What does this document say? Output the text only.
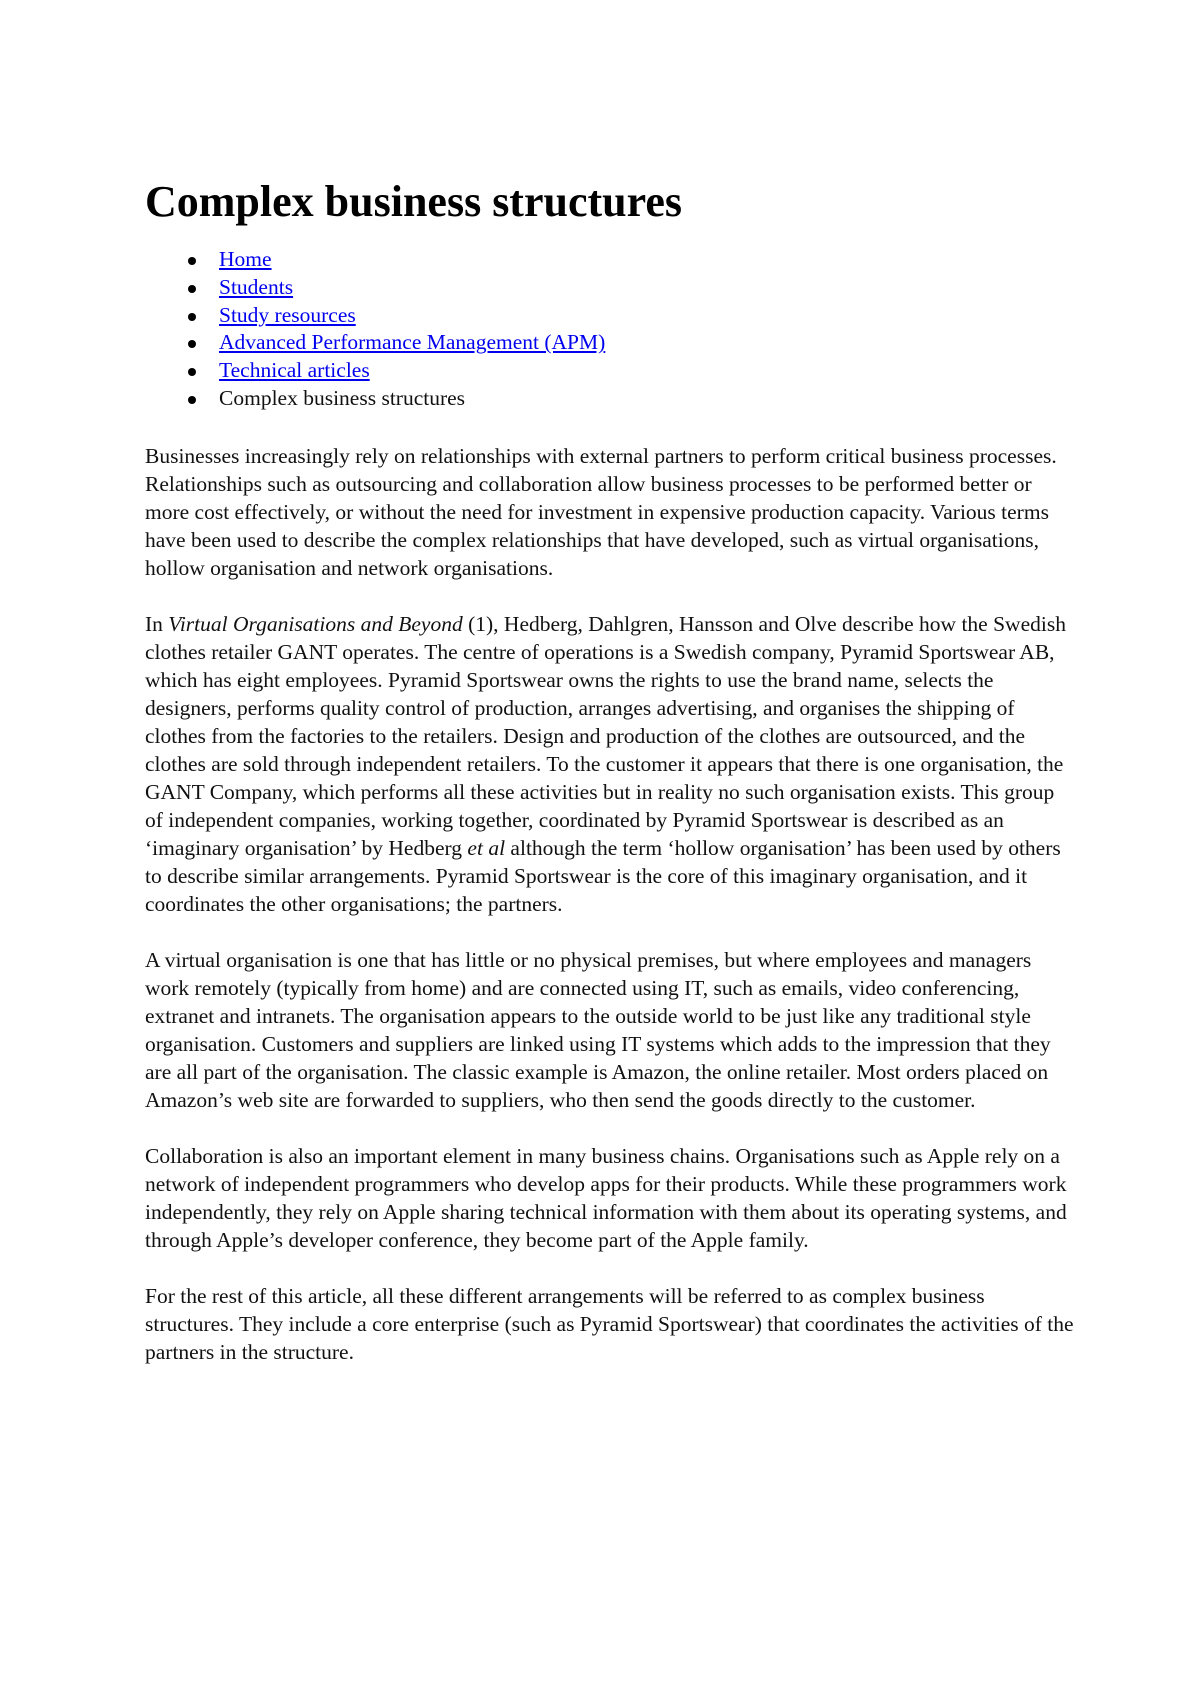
Complex business structures
Home
Students
Study resources
Advanced Performance Management (APM)
Technical articles
Complex business structures

Businesses increasingly rely on relationships with external partners to perform critical business processes. Relationships such as outsourcing and collaboration allow business processes to be performed better or more cost effectively, or without the need for investment in expensive production capacity. Various terms have been used to describe the complex relationships that have developed, such as virtual organisations, hollow organisation and network organisations.

In Virtual Organisations and Beyond (1), Hedberg, Dahlgren, Hansson and Olve describe how the Swedish clothes retailer GANT operates. The centre of operations is a Swedish company, Pyramid Sportswear AB, which has eight employees. Pyramid Sportswear owns the rights to use the brand name, selects the designers, performs quality control of production, arranges advertising, and organises the shipping of clothes from the factories to the retailers. Design and production of the clothes are outsourced, and the clothes are sold through independent retailers. To the customer it appears that there is one organisation, the GANT Company, which performs all these activities but in reality no such organisation exists. This group of independent companies, working together, coordinated by Pyramid Sportswear is described as an ‘imaginary organisation’ by Hedberg et al although the term ‘hollow organisation’ has been used by others to describe similar arrangements. Pyramid Sportswear is the core of this imaginary organisation, and it coordinates the other organisations; the partners.

A virtual organisation is one that has little or no physical premises, but where employees and managers work remotely (typically from home) and are connected using IT, such as emails, video conferencing, extranet and intranets. The organisation appears to the outside world to be just like any traditional style organisation. Customers and suppliers are linked using IT systems which adds to the impression that they are all part of the organisation. The classic example is Amazon, the online retailer. Most orders placed on Amazon’s web site are forwarded to suppliers, who then send the goods directly to the customer.

Collaboration is also an important element in many business chains. Organisations such as Apple rely on a network of independent programmers who develop apps for their products. While these programmers work independently, they rely on Apple sharing technical information with them about its operating systems, and through Apple’s developer conference, they become part of the Apple family.

For the rest of this article, all these different arrangements will be referred to as complex business structures. They include a core enterprise (such as Pyramid Sportswear) that coordinates the activities of the partners in the structure.
